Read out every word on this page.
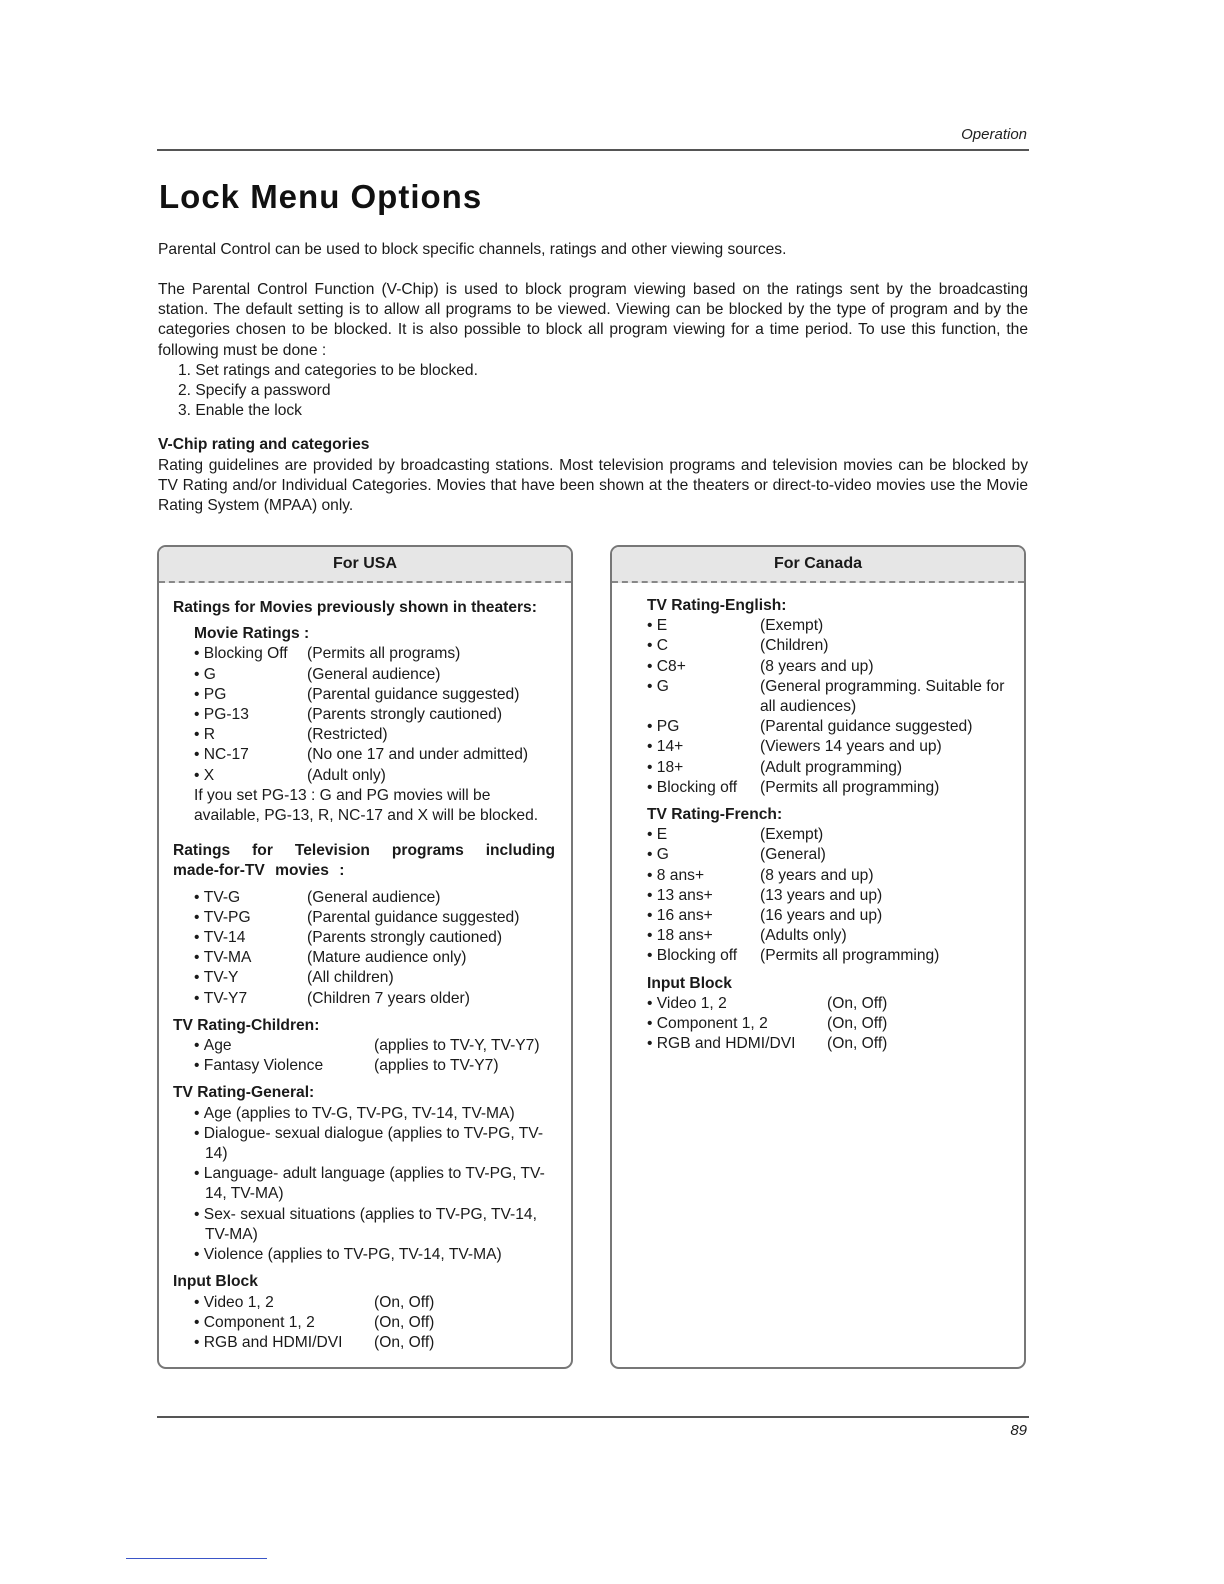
Operation
Lock Menu Options

Parental Control can be used to block specific channels, ratings and other viewing sources.

The Parental Control Function (V-Chip) is used to block program viewing based on the ratings sent by the broadcasting station. The default setting is to allow all programs to be viewed. Viewing can be blocked by the type of program and by the categories chosen to be blocked. It is also possible to block all program viewing for a time period. To use this function, the following must be done :

1. Set ratings and categories to be blocked.
2. Specify a password
3. Enable the lock
V-Chip rating and categories

Rating guidelines are provided by broadcasting stations. Most television programs and television movies can be blocked by TV Rating and/or Individual Categories. Movies that have been shown at the theaters or direct-to-video movies use the Movie Rating System (MPAA) only.

For USA
Ratings for Movies previously shown in theaters:
Movie Ratings :
• Blocking Off	(Permits all programs)
• G	(General audience)
• PG	(Parental guidance suggested)
• PG-13	(Parents strongly cautioned)
• R	(Restricted)
• NC-17	(No one 17 and under admitted)
• X	(Adult only)
If you set PG-13 : G and PG movies will be available, PG-13, R, NC-17 and X will be blocked.
Ratings for Television programs including made-for-TV movies :
• TV-G	(General audience)
• TV-PG	(Parental guidance suggested)
• TV-14	(Parents strongly cautioned)
• TV-MA	(Mature audience only)
• TV-Y	(All children)
• TV-Y7	(Children 7 years older)
TV Rating-Children:
• Age	(applies to TV-Y, TV-Y7)
• Fantasy Violence	(applies to TV-Y7)
TV Rating-General:
• Age (applies to TV-G, TV-PG, TV-14, TV-MA)
• Dialogue- sexual dialogue (applies to TV-PG, TV-14)
• Language- adult language (applies to TV-PG, TV-14, TV-MA)
• Sex- sexual situations (applies to TV-PG, TV-14, TV-MA)
• Violence (applies to TV-PG, TV-14, TV-MA)
Input Block
• Video 1, 2	(On, Off)
• Component 1, 2	(On, Off)
• RGB and HDMI/DVI	(On, Off)
For Canada
TV Rating-English:
• E	(Exempt)
• C	(Children)
• C8+	(8 years and up)
• G	(General programming. Suitable for all audiences)
• PG	(Parental guidance suggested)
• 14+	(Viewers 14 years and up)
• 18+	(Adult programming)
• Blocking off	(Permits all programming)
TV Rating-French:
• E	(Exempt)
• G	(General)
• 8 ans+	(8 years and up)
• 13 ans+	(13 years and up)
• 16 ans+	(16 years and up)
• 18 ans+	(Adults only)
• Blocking off	(Permits all programming)
Input Block
• Video 1, 2	(On, Off)
• Component 1, 2	(On, Off)
• RGB and HDMI/DVI	(On, Off)
89
